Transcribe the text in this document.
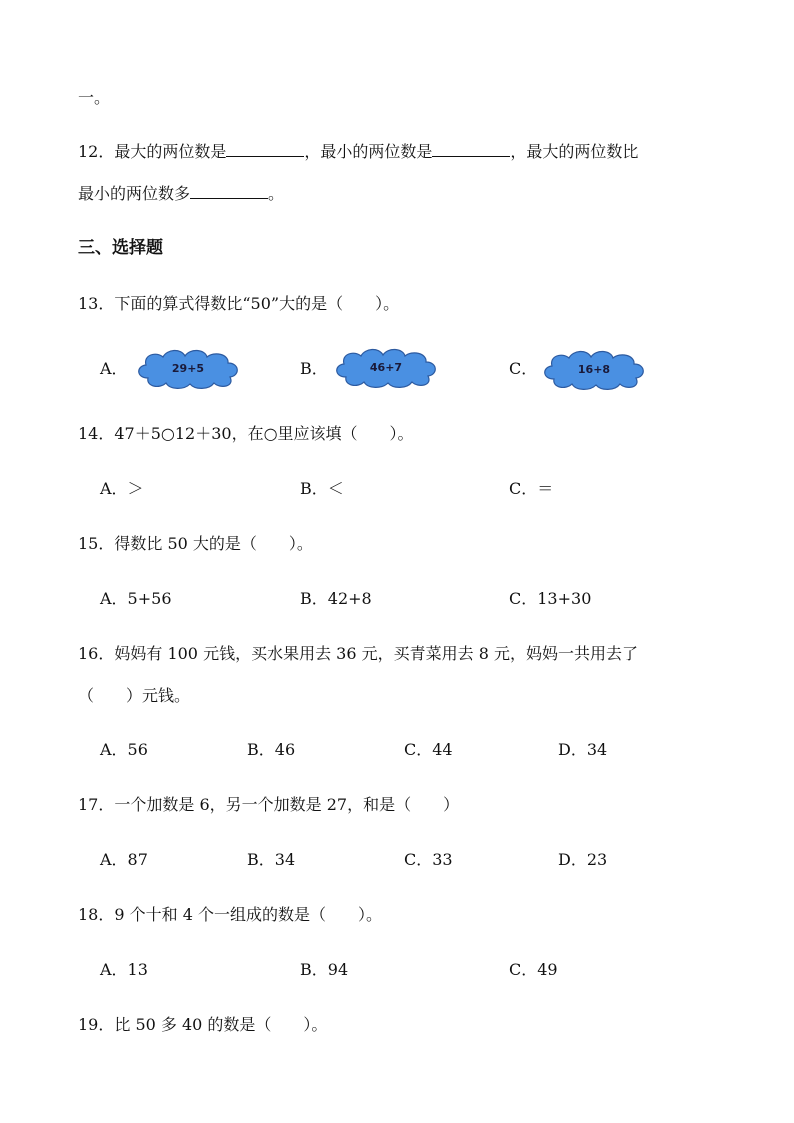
一。
12．最大的两位数是	，最小的两位数是	，最大的两位数比
最小的两位数多	。
三、选择题
13．下面的算式得数比“50”大的是（　　）。
A．	29+5	B．	46+7	C．	16+8
14．47＋5○12＋30，在○里应该填（　　）。
A．＞	B．＜	C．＝
15．得数比 50 大的是（　　）。
A．5+56	B．42+8	C．13+30
16．妈妈有 100 元钱，买水果用去 36 元，买青菜用去 8 元，妈妈一共用去了
（　　）元钱。
A．56	B．46	C．44	D．34
17．一个加数是 6，另一个加数是 27，和是（　　）
A．87	B．34	C．33	D．23
18．9 个十和 4 个一组成的数是（　　）。
A．13	B．94	C．49
19．比 50 多 40 的数是（　　）。
